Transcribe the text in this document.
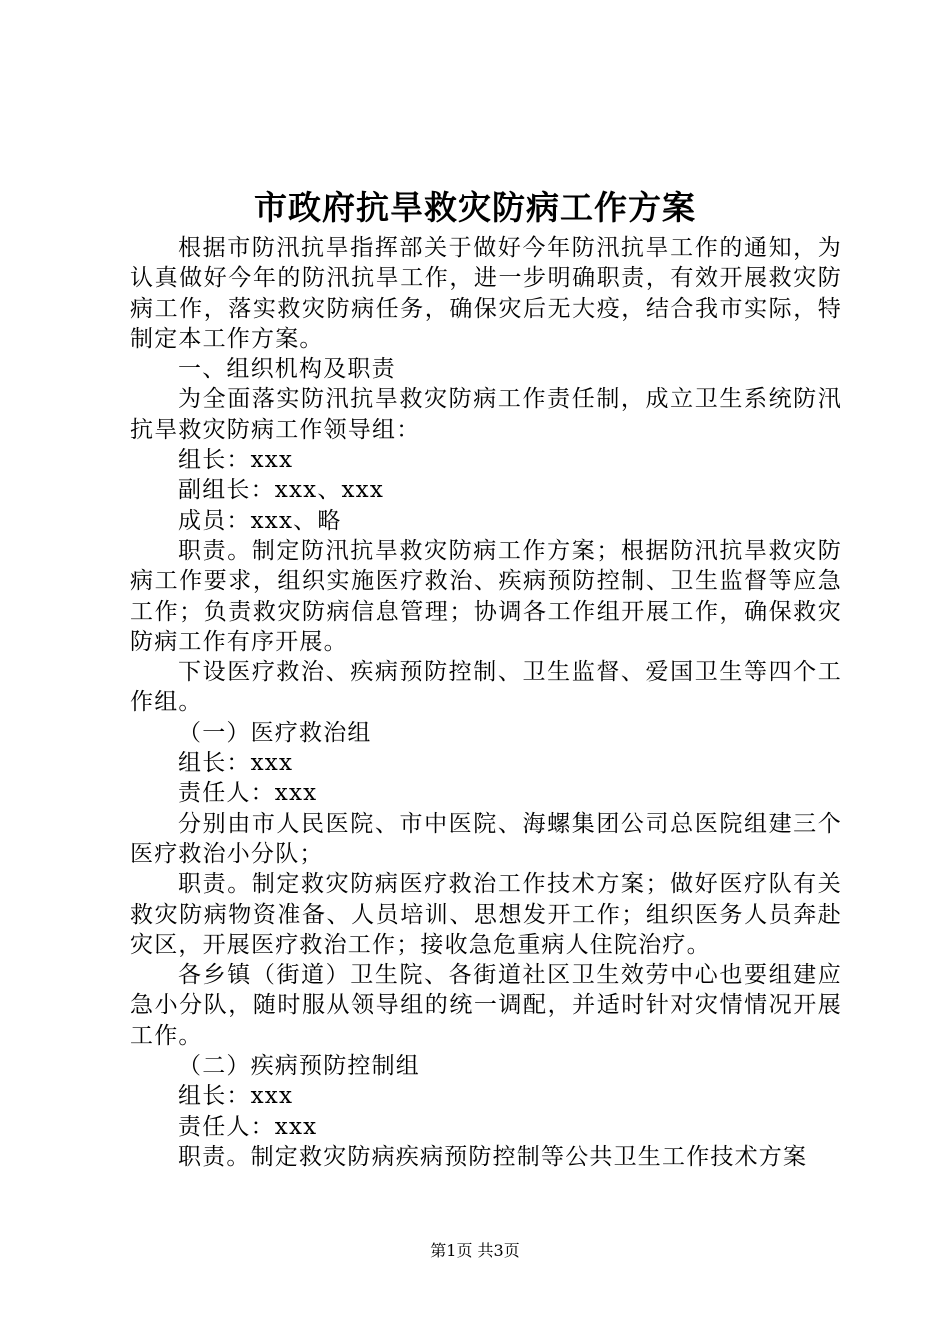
市政府抗旱救灾防病工作方案

根据市防汛抗旱指挥部关于做好今年防汛抗旱工作的通知，为认真做好今年的防汛抗旱工作，进一步明确职责，有效开展救灾防病工作，落实救灾防病任务，确保灾后无大疫，结合我市实际，特制定本工作方案。

一、组织机构及职责

为全面落实防汛抗旱救灾防病工作责任制，成立卫生系统防汛抗旱救灾防病工作领导组：

组长：xxx

副组长：xxx、xxx

成员：xxx、略

职责。制定防汛抗旱救灾防病工作方案；根据防汛抗旱救灾防病工作要求，组织实施医疗救治、疾病预防控制、卫生监督等应急工作；负责救灾防病信息管理；协调各工作组开展工作，确保救灾防病工作有序开展。

下设医疗救治、疾病预防控制、卫生监督、爱国卫生等四个工作组。

（一）医疗救治组

组长：xxx

责任人：xxx

分别由市人民医院、市中医院、海螺集团公司总医院组建三个医疗救治小分队；

职责。制定救灾防病医疗救治工作技术方案；做好医疗队有关救灾防病物资准备、人员培训、思想发开工作；组织医务人员奔赴灾区，开展医疗救治工作；接收急危重病人住院治疗。

各乡镇（街道）卫生院、各街道社区卫生效劳中心也要组建应急小分队，随时服从领导组的统一调配，并适时针对灾情情况开展工作。

（二）疾病预防控制组

组长：xxx

责任人：xxx

职责。制定救灾防病疾病预防控制等公共卫生工作技术方案

第1页 共3页
